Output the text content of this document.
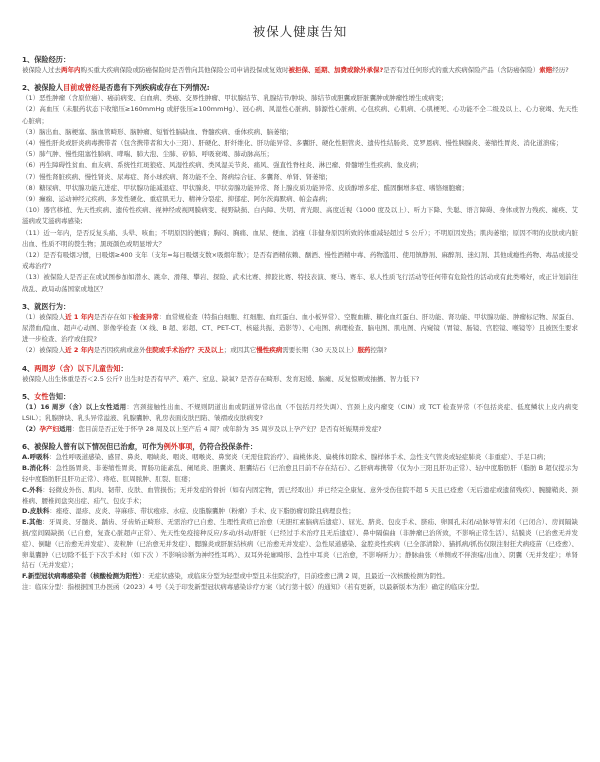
被保人健康告知
1、保险经历：

被保险人过去两年内购买重大疾病保险或防癌保险时是否曾向其他保险公司申请投保或复效时被拒保、延期、加费或除外承保?是否有过任何形式的重大疾病保险产品（含防癌保险）索赔经历?

2、被保险人目前或曾经是否患有下列疾病或存在下列情况:

（1）恶性肿瘤（含原位癌）、癌前病变、白血病、类癌、交界性肿瘤、甲状腺结节、乳腺结节/肿块、肺结节或胆囊或肝脏囊肿或肿瘤性增生或病变；

（2）高血压（未服药状态下收缩压≥160mmHg 或舒张压≥100mmHg）、冠心病、风湿性心脏病、肺源性心脏病、心包疾病、心肌病、心肌梗死、心功能不全二级及以上、心力衰竭、先天性心脏病；

（3）脑出血、脑梗塞、脑血管畸形、脑肿瘤、短暂性脑缺血、脊髓疾病、垂体疾病、脑萎缩；

（4）慢性肝炎或肝炎病毒携带者（包含携带者和大小三阳）、肝硬化、肝纤维化、肝功能异常、多囊肝、硬化性胆管炎、遗传性结肠炎、克罗恩病、慢性胰腺炎、萎缩性胃炎、消化道溃疡；

（5）肺气肿、慢性阻塞性肺病、哮喘、肺大泡、尘肺、矽肺、呼吸衰竭、肺动脉高压；

（6）再生障碍性贫血、血友病、系统性红斑狼疮、风湿性疾病、类风湿关节炎、痛风、强直性脊柱炎、淋巴瘤、骨髓增生性疾病、象皮病；

（7）慢性肾脏疾病、慢性肾炎、尿毒症、肾小球疾病、肾功能不全、肾病综合征、多囊肾、单肾、肾萎缩；

（8）糖尿病、甲状腺功能亢进症、甲状腺功能减退症、甲状腺炎、甲状旁腺功能异常、肾上腺皮质功能异常、皮质醇增多症、醛固酮增多症、嗜铬细胞瘤；

（9）癫痫、运动神经元疾病、多发性硬化、重症肌无力、精神分裂症、抑郁症、阿尔茨海默病、帕金森病；

（10）器官移植、先天性疾病、遗传性疾病、视神经或视网膜病变、视野缺损、白内障、失明、青光眼、高度近视（1000 度及以上）、听力下降、失聪、语言障碍、身体或智力残疾、瘫痪、艾滋病或艾滋病毒感染;

（11）近一年内，是否反复头痛、头晕、咳血；不明原因的便痛；胸闷、胸痛、血尿、便血、消瘦（非健身原因所致的体重减轻超过 5 公斤）；不明原因发热；肌肉萎缩；原因不明的皮肤或内脏出血、性质不明的赘生物；黑斑颜色或明显增大？

（12）是否有吸烟习惯，日吸烟≥400 支年（支年=每日吸烟支数×吸烟年数）；是否有酒精依赖、酗酒、慢性酒精中毒、药物滥用、使用镇静剂、麻醉剂、迷幻剂、其他成瘾性药物、毒品或接受戒毒治疗?

（13）被保险人是否正在或试图参加如潜水、跳伞、滑翔、攀岩、探险、武术比赛、摔跤比赛、特技表演、赛马、赛车、私人性质飞行活动等任何带有危险性的活动或有此类嗜好，或正计划前往战乱、政局动荡国家或地区？

3、就医行为：

（1）被保险人近 1 年内是否存在如下检查异常：血常规检查（特指白细胞、红细胞、血红蛋白、血小板异常）、空腹血糖、糖化血红蛋白、肝功能、肾功能、甲状腺功能、肿瘤标记物、尿蛋白、尿潜血/隐血、超声心动图、影像学检查（X 线、B 超、彩超、CT、PET-CT、核磁共振、造影等）、心电图、病理检查、脑电图、肌电图、内窥镜（胃镜、肠镜、宫腔镜、喉镜等）且被医生要求进一步检查、治疗或住院?

（2）被保险人近 2 年内是否因疾病或意外住院或手术治疗？天及以上；或因其它慢性疾病需要长期（30 天及以上）服药控制?

4、两周岁（含）以下儿童告知：

被保险人出生体重是否＜2.5 公斤? 出生时是否有早产、难产、窒息、缺氧? 是否存在畸形、发育迟缓、脑瘫、反复惊厥或抽搐、智力低下?

5、女性告知：

（1）16 周岁（含）以上女性适用：宫颈接触性出血、不规则阴道出血或阴道异常出血（不包括月经失调）、宫颈上皮内瘤变（CIN）或 TCT 检查异常（不包括炎症、低度鳞状上皮内病变 LSIL）；乳腺肿块、乳头异常溢液、乳腺囊肿、乳房表面皮肤凹陷、皱褶或皮肤病变?

（2）孕产妇适用：您目前是否正处于怀孕 28 周及以上至产后 4 周？或年龄为 35 周岁及以上孕产妇？是否有妊娠期并发症?

6、被保险人曾有以下情况但已治愈，可作为例外事项，仍符合投保条件：

A.呼吸科：急性呼吸道感染、感冒、鼻炎、咽峡炎、咽炎、咽喉炎、鼻窦炎（无需住院治疗）、扁桃体炎、扁桃体切除术、腺样体手术、急性支气管炎或轻症肺炎（非重症）、手足口病；

B.消化科：急性肠胃炎、非萎缩性胃炎、胃肠功能紊乱、阑尾炎、胆囊炎、胆囊结石（已治愈且目前不存在结石）、乙肝病毒携带（仅为小三阳且肝功正常）、轻/中度脂肪肝（脂肪 B 超仅提示为轻中度脂肪肝且肝功正常）、痔疮、肛周脓肿、肛裂、肛瘘；

C.外科：轻微皮外伤、肌肉、韧带、皮肤、血管损伤；无并发症的骨折（如有内固定物，需已经取出）并已经完全康复、意外受伤住院不超 5 天且已痊愈（无后遗症或遗留残疾）、腕腱鞘炎、颈椎病、腰椎间盘突出症、疝气、包皮手术；

D.皮肤科：痤疮、湿疹、皮炎、荨麻疹、带状疱疹、水痘、皮脂腺囊肿（粉瘤）手术、皮下脂肪瘤切除且病理良性；

E.其他：牙周炎、牙髓炎、龋齿、牙齿矫正畸形、无需治疗已自愈、生理性黄疸已治愈（无胆红素脑病后遗症）、屈光、脐炎、包皮手术、脐疝、卵圆孔未闭/动脉导管未闭（已闭合）、房间隔缺损/室间隔缺损（已自愈，复查心脏超声正常）、先天性免疫接种反应/多动/抖动/肝脏（已经过手术治疗且无后遗症）、鼻中隔偏曲（非肿瘤已治所致，不影响正常生活）、结膜炎（已治愈无并发症）、倒睫（已治愈无并发症）、麦粒肿（已治愈无并发症）、腮腺炎或肝脏结核病（已治愈无并发症）、急性尿道感染、盆腔炎性疾病（已全部清除）、猫抓病/抓伤仅限注射狂犬病疫苗（已痊愈）、卵巢囊肿（已切除不低于下次手术时（如下次 ）不影响诊断为神经性耳鸣）、双耳外轮廓畸形、急性中耳炎（已治愈，不影响听力）；静脉曲张（单侧或不伴溃疡/出血）、阴囊（无并发症）；单肾结石（无并发症）；

F.新型冠状病毒感染者（核酸检测为阳性）：无症状感染，或临床分型为轻型或中型且未住院治疗，目前痊愈已满 2 周，且最近一次核酸检测为阴性。

注：临床分型：指根据国卫办医函（2023）4 号《关于印发新型冠状病毒感染诊疗方案（试行第十版）的通知》（若有更新，以最新版本为准）确定的临床分型。
